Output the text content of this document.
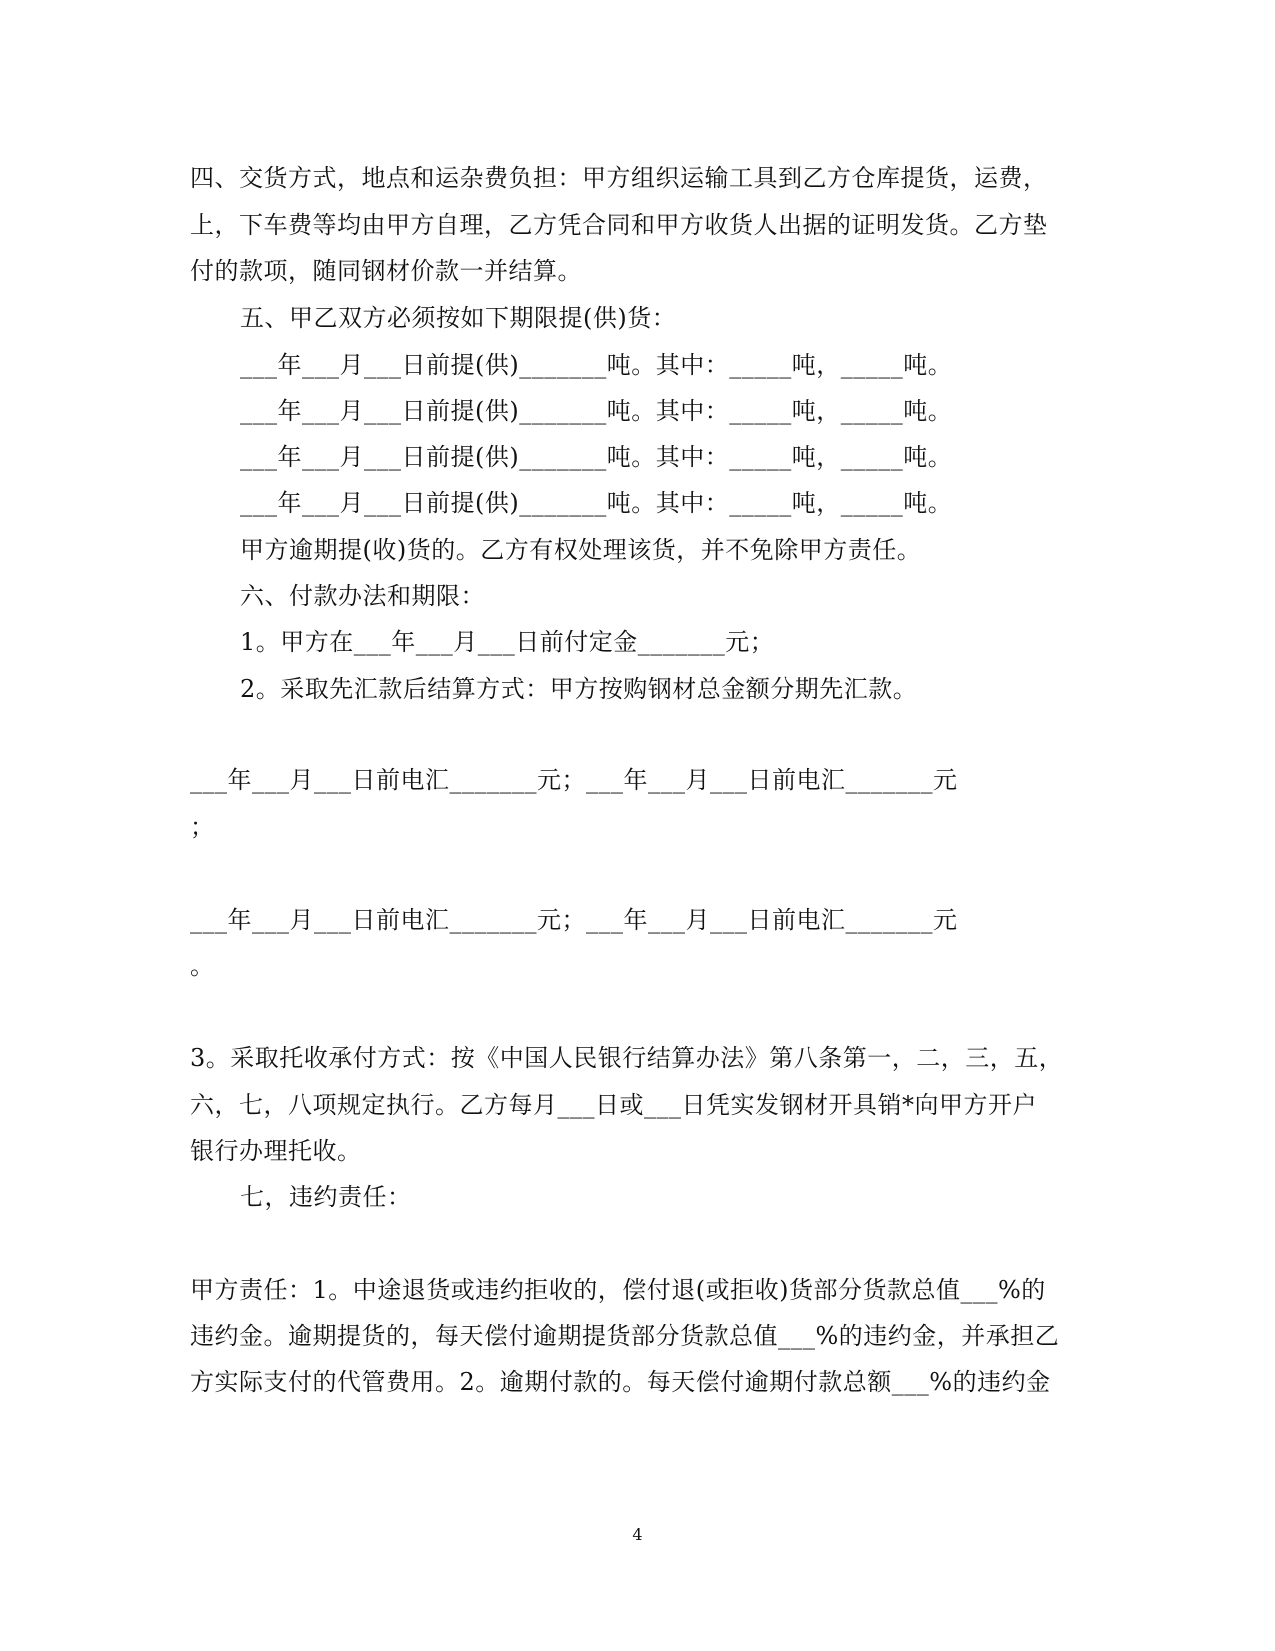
四、交货方式，地点和运杂费负担：甲方组织运输工具到乙方仓库提货，运费，
上，下车费等均由甲方自理，乙方凭合同和甲方收货人出据的证明发货。乙方垫
付的款项，随同钢材价款一并结算。
五、甲乙双方必须按如下期限提(供)货：
___年___月___日前提(供)_______吨。其中：_____吨，_____吨。
___年___月___日前提(供)_______吨。其中：_____吨，_____吨。
___年___月___日前提(供)_______吨。其中：_____吨，_____吨。
___年___月___日前提(供)_______吨。其中：_____吨，_____吨。
甲方逾期提(收)货的。乙方有权处理该货，并不免除甲方责任。
六、付款办法和期限：
1。甲方在___年___月___日前付定金_______元；
2。采取先汇款后结算方式：甲方按购钢材总金额分期先汇款。
___年___月___日前电汇_______元；___年___月___日前电汇_______元
；
___年___月___日前电汇_______元；___年___月___日前电汇_______元
。
3。采取托收承付方式：按《中国人民银行结算办法》第八条第一，二，三，五，
六，七，八项规定执行。乙方每月___日或___日凭实发钢材开具销*向甲方开户
银行办理托收。
七，违约责任：
甲方责任：1。中途退货或违约拒收的，偿付退(或拒收)货部分货款总值___%的
违约金。逾期提货的，每天偿付逾期提货部分货款总值___%的违约金，并承担乙
方实际支付的代管费用。2。逾期付款的。每天偿付逾期付款总额___%的违约金
4
